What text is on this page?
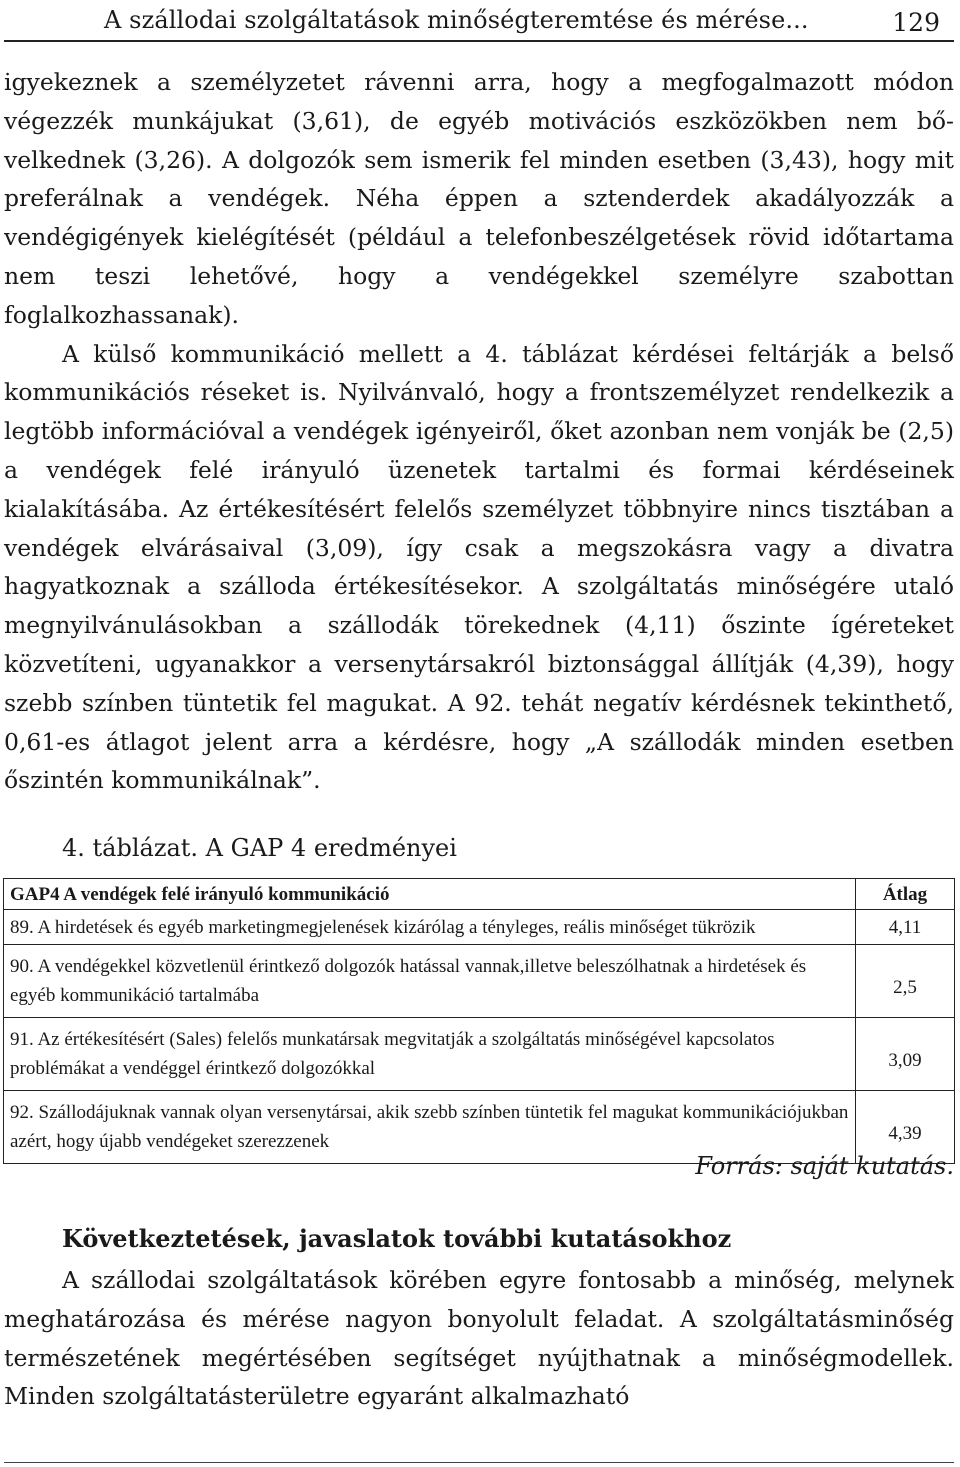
A szállodai szolgáltatások minőségteremtése és mérése...	129

igyekeznek a személyzetet rávenni arra, hogy a megfogalmazott módon végezzék munkájukat (3,61), de egyéb motivációs eszközökben nem bővelkednek (3,26). A dolgozók sem ismerik fel minden esetben (3,43), hogy mit preferálnak a vendégek. Néha éppen a sztenderdek akadályozzák a vendégigények kielégítését (például a telefonbeszélgetések rövid időtartama nem teszi lehetővé, hogy a vendégekkel személyre szabottan foglalkozhassanak).

A külső kommunikáció mellett a 4. táblázat kérdései feltárják a belső kommunikációs réseket is. Nyilvánvaló, hogy a frontszemélyzet rendelkezik a legtöbb információval a vendégek igényeiről, őket azonban nem vonják be (2,5) a vendégek felé irányuló üzenetek tartalmi és formai kérdéseinek kialakításába. Az értékesítésért felelős személyzet többnyire nincs tisztában a vendégek elvárásaival (3,09), így csak a megszokásra vagy a divatra hagyatkoznak a szálloda értékesítésekor. A szolgáltatás minőségére utaló megnyilvánulásokban a szállodák törekednek (4,11) őszinte ígéreteket közvetíteni, ugyanakkor a versenytársakról biztonsággal állítják (4,39), hogy szebb színben tüntetik fel magukat. A 92. tehát negatív kérdésnek tekinthető, 0,61-es átlagot jelent arra a kérdésre, hogy „A szállodák minden esetben őszintén kommunikálnak”.

4. táblázat. A GAP 4 eredményei
GAP4 A vendégek felé irányuló kommunikáció	Átlag
89. A hirdetések és egyéb marketingmegjelenések kizárólag a tényleges, reális minőséget tükrözik	4,11
90. A vendégekkel közvetlenül érintkező dolgozók hatással vannak,illetve beleszólhatnak a hirdetések és egyéb kommunikáció tartalmába	2,5
91. Az értékesítésért (Sales) felelős munkatársak megvitatják a szolgáltatás minőségével kapcsolatos problémákat a vendéggel érintkező dolgozókkal	3,09
92. Szállodájuknak vannak olyan versenytársai, akik szebb színben tüntetik fel magukat kommunikációjukban azért, hogy újabb vendégeket szerezzenek	4,39
Forrás: saját kutatás.
Következtetések, javaslatok további kutatásokhoz

A szállodai szolgáltatások körében egyre fontosabb a minőség, melynek meghatározása és mérése nagyon bonyolult feladat. A szolgáltatásminőség természetének megértésében segítséget nyújthatnak a minőségmodellek. Minden szolgáltatásterületre egyaránt alkalmazható
